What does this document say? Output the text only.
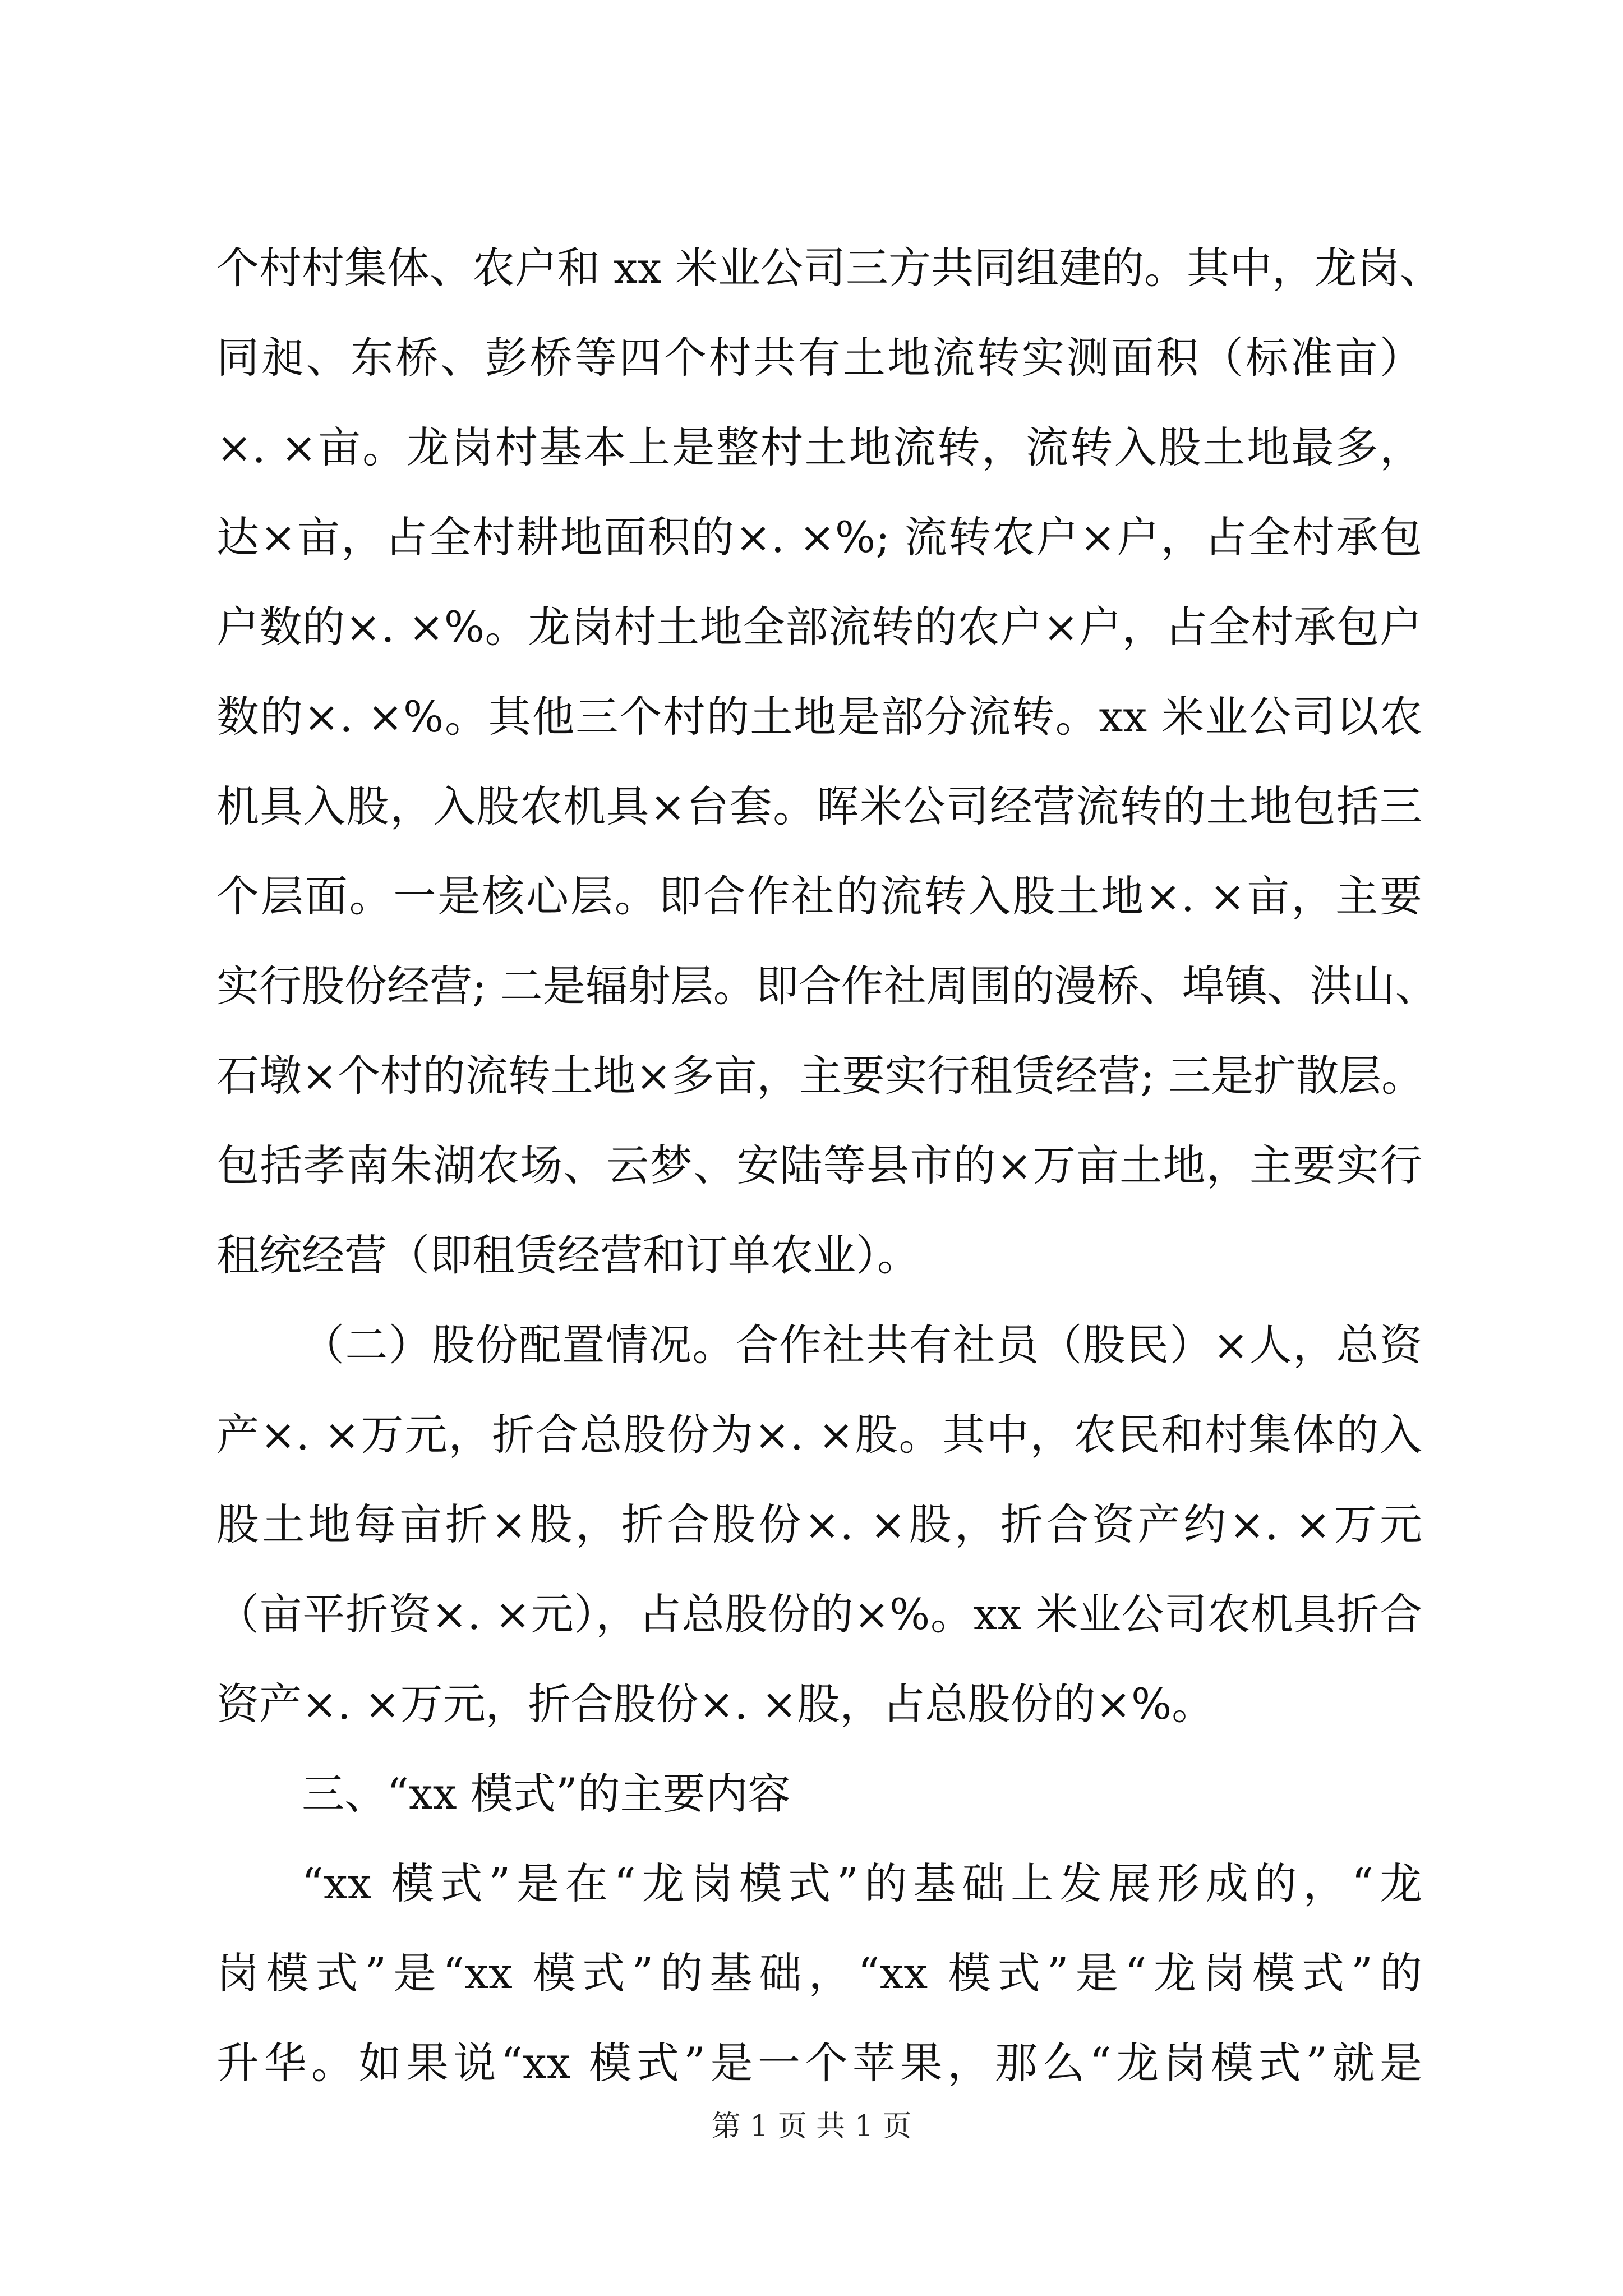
个村村集体、农户和 xx 米业公司三方共同组建的。其中，龙岗、
同昶、东桥、彭桥等四个村共有土地流转实测面积（标准亩）
×. ×亩。龙岗村基本上是整村土地流转，流转入股土地最多，
达×亩，占全村耕地面积的×. ×%; 流转农户×户，占全村承包
户数的×. ×%。龙岗村土地全部流转的农户×户，占全村承包户
数的×. ×%。其他三个村的土地是部分流转。xx 米业公司以农
机具入股，入股农机具×台套。晖米公司经营流转的土地包括三
个层面。一是核心层。即合作社的流转入股土地×. ×亩，主要
实行股份经营; 二是辐射层。即合作社周围的漫桥、埠镇、洪山、
石墩×个村的流转土地×多亩，主要实行租赁经营; 三是扩散层。
包括孝南朱湖农场、云梦、安陆等县市的×万亩土地，主要实行
租统经营（即租赁经营和订单农业）。
（二）股份配置情况。合作社共有社员（股民）×人，总资
产×. ×万元，折合总股份为×. ×股。其中，农民和村集体的入
股土地每亩折×股，折合股份×. ×股，折合资产约×. ×万元
（亩平折资×. ×元），占总股份的×%。xx 米业公司农机具折合
资产×. ×万元，折合股份×. ×股，占总股份的×%。
三、“xx 模式”的主要内容
“xx 模式”是在“龙岗模式”的基础上发展形成的，“龙
岗模式”是“xx 模式”的基础，“xx 模式”是“龙岗模式”的
升华。如果说“xx 模式”是一个苹果，那么“龙岗模式”就是
第 1 页 共 1 页
